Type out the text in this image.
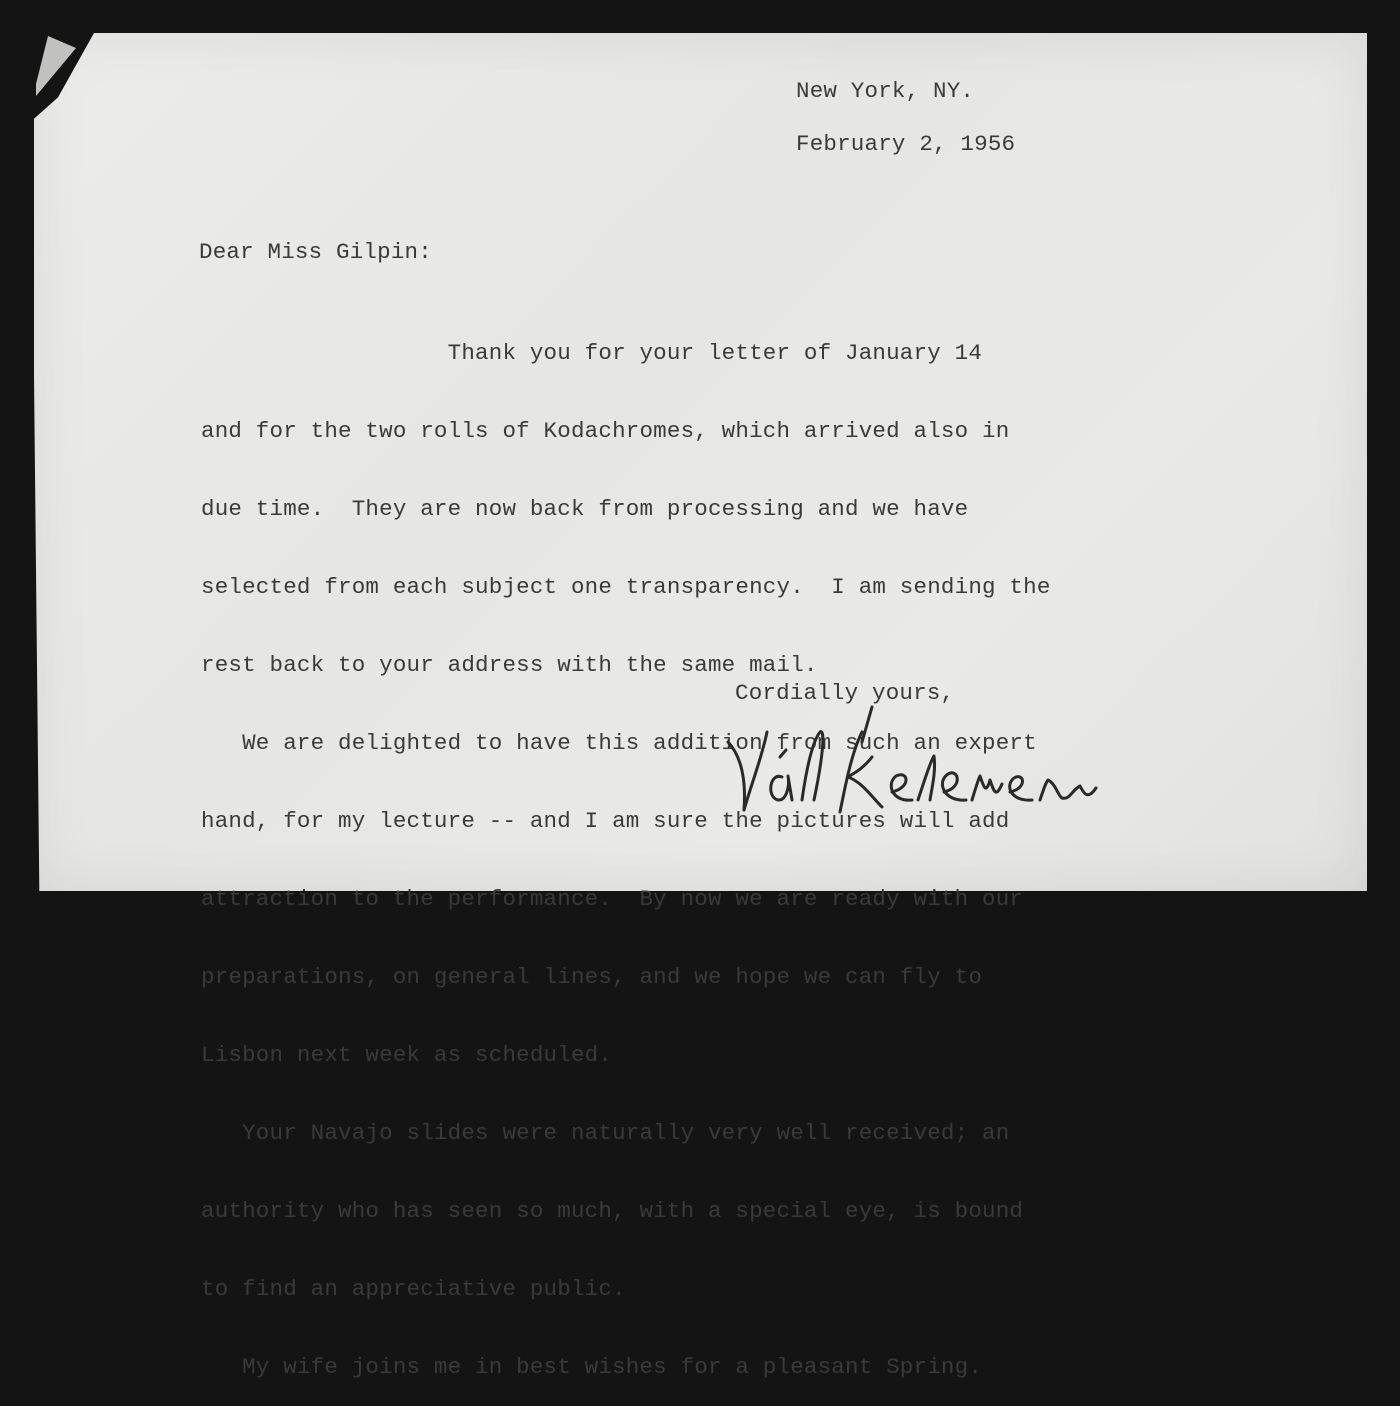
New York, NY.
February 2, 1956
Dear Miss Gilpin:

Thank you for your letter of January 14

and for the two rolls of Kodachromes, which arrived also in

due time.  They are now back from processing and we have

selected from each subject one transparency.  I am sending the

rest back to your address with the same mail.

We are delighted to have this addition from such an expert

hand, for my lecture -- and I am sure the pictures will add

attraction to the performance.  By now we are ready with our

preparations, on general lines, and we hope we can fly to

Lisbon next week as scheduled.

Your Navajo slides were naturally very well received; an

authority who has seen so much, with a special eye, is bound

to find an appreciative public.

My wife joins me in best wishes for a pleasant Spring.

Cordially yours,
